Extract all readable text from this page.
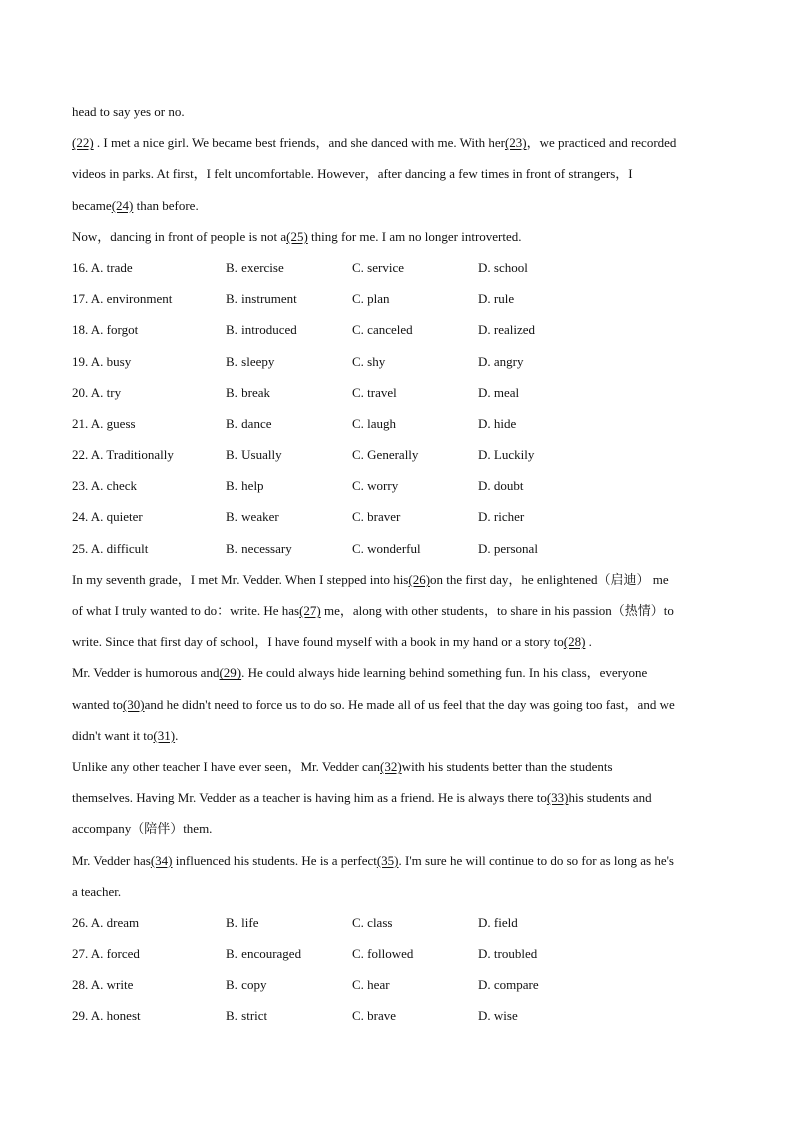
head to say yes or no.
(22) . I met a nice girl. We became best friends，and she danced with me. With her(23)，we practiced and recorded
videos in parks. At first，I felt uncomfortable. However，after dancing a few times in front of strangers，I
became(24) than before.
Now，dancing in front of people is not a(25) thing for me. I am no longer introverted.
16. A. trade	B. exercise	C. service	D. school
17. A. environment	B. instrument	C. plan	D. rule
18. A. forgot	B. introduced	C. canceled	D. realized
19. A. busy	B. sleepy	C. shy	D. angry
20. A. try	B. break	C. travel	D. meal
21. A. guess	B. dance	C. laugh	D. hide
22. A. Traditionally	B. Usually	C. Generally	D. Luckily
23. A. check	B. help	C. worry	D. doubt
24. A. quieter	B. weaker	C. braver	D. richer
25. A. difficult	B. necessary	C. wonderful	D. personal
In my seventh grade，I met Mr. Vedder. When I stepped into his(26)on the first day，he enlightened（启迪） me
of what I truly wanted to do：write. He has(27) me，along with other students，to share in his passion（热情）to
write. Since that first day of school，I have found myself with a book in my hand or a story to(28) .
Mr. Vedder is humorous and(29). He could always hide learning behind something fun. In his class，everyone
wanted to(30)and he didn't need to force us to do so. He made all of us feel that the day was going too fast，and we
didn't want it to(31).
Unlike any other teacher I have ever seen，Mr. Vedder can(32)with his students better than the students
themselves. Having Mr. Vedder as a teacher is having him as a friend. He is always there to(33)his students and
accompany（陪伴）them.
Mr. Vedder has(34) influenced his students. He is a perfect(35). I'm sure he will continue to do so for as long as he's
a teacher.
26. A. dream	B. life	C. class	D. field
27. A. forced	B. encouraged	C. followed	D. troubled
28. A. write	B. copy	C. hear	D. compare
29. A. honest	B. strict	C. brave	D. wise
